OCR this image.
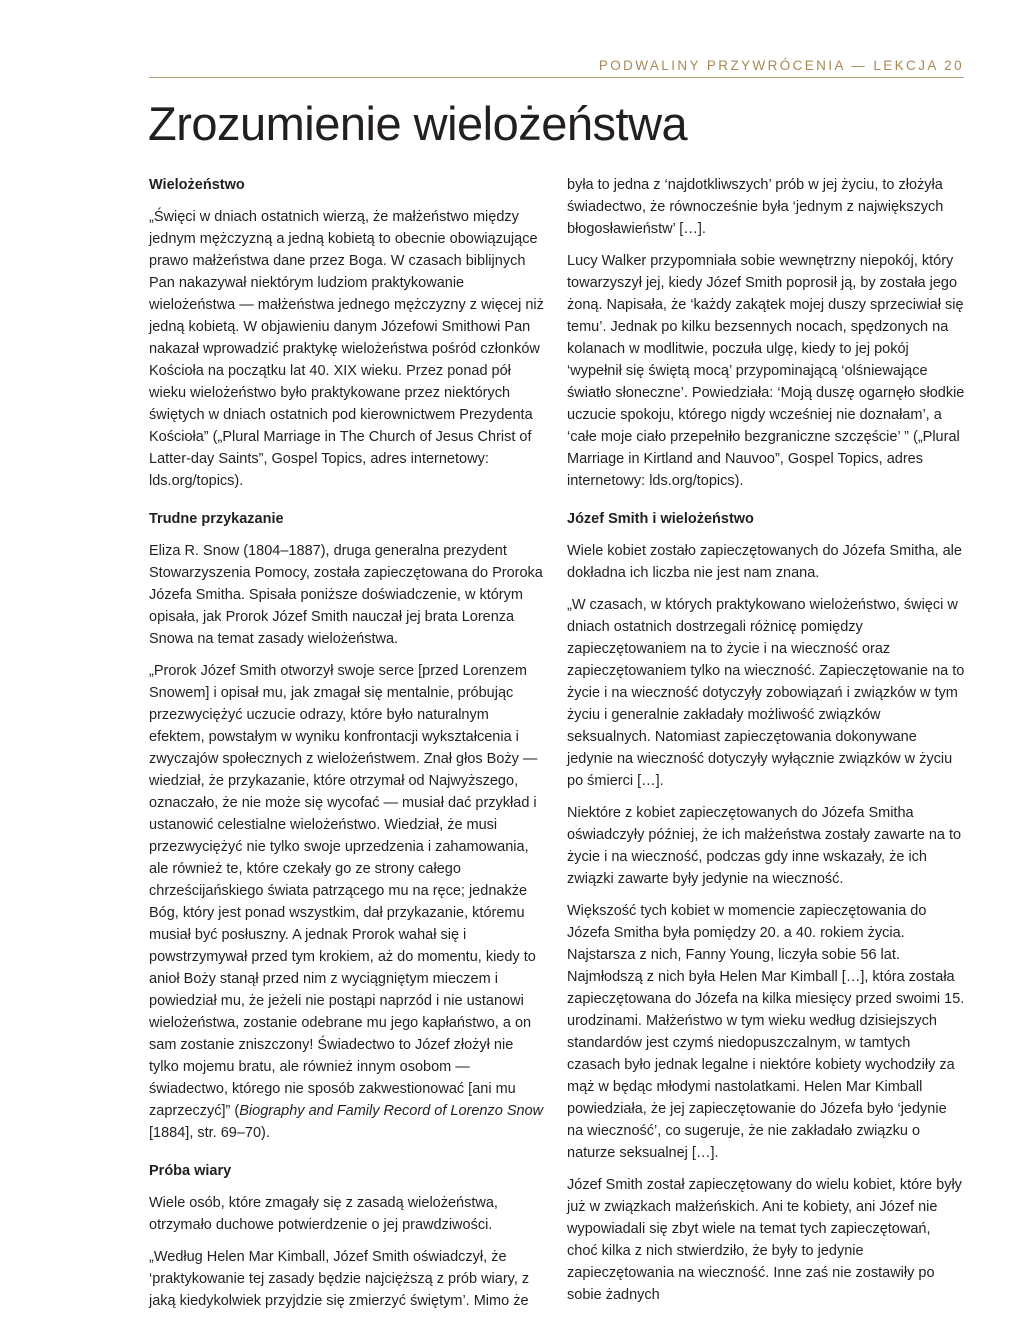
PODWALINY PRZYWRÓCENIA — LEKCJA 20
Zrozumienie wielożeństwa
Wielożeństwo

„Święci w dniach ostatnich wierzą, że małżeństwo między jednym mężczyzną a jedną kobietą to obecnie obowiązujące prawo małżeństwa dane przez Boga. W czasach biblijnych Pan nakazywał niektórym ludziom praktykowanie wielożeństwa — małżeństwa jednego mężczyzny z więcej niż jedną kobietą. W objawieniu danym Józefowi Smithowi Pan nakazał wprowadzić praktykę wielożeństwa pośród członków Kościoła na początku lat 40. XIX wieku. Przez ponad pół wieku wielożeństwo było praktykowane przez niektórych świętych w dniach ostatnich pod kierownictwem Prezydenta Kościoła” („Plural Marriage in The Church of Jesus Christ of Latter-day Saints”, Gospel Topics, adres internetowy: lds.org/topics).

Trudne przykazanie

Eliza R. Snow (1804–1887), druga generalna prezydent Stowarzyszenia Pomocy, została zapieczętowana do Proroka Józefa Smitha. Spisała poniższe doświadczenie, w którym opisała, jak Prorok Józef Smith nauczał jej brata Lorenza Snowa na temat zasady wielożeństwa.

„Prorok Józef Smith otworzył swoje serce [przed Lorenzem Snowem] i opisał mu, jak zmagał się mentalnie, próbując przezwyciężyć uczucie odrazy, które było naturalnym efektem, powstałym w wyniku konfrontacji wykształcenia i zwyczajów społecznych z wielożeństwem. Znał głos Boży — wiedział, że przykazanie, które otrzymał od Najwyższego, oznaczało, że nie może się wycofać — musiał dać przykład i ustanowić celestialne wielożeństwo. Wiedział, że musi przezwyciężyć nie tylko swoje uprzedzenia i zahamowania, ale również te, które czekały go ze strony całego chrześcijańskiego świata patrzącego mu na ręce; jednakże Bóg, który jest ponad wszystkim, dał przykazanie, któremu musiał być posłuszny. A jednak Prorok wahał się i powstrzymywał przed tym krokiem, aż do momentu, kiedy to anioł Boży stanął przed nim z wyciągniętym mieczem i powiedział mu, że jeżeli nie postąpi naprzód i nie ustanowi wielożeństwa, zostanie odebrane mu jego kapłaństwo, a on sam zostanie zniszczony! Świadectwo to Józef złożył nie tylko mojemu bratu, ale również innym osobom — świadectwo, którego nie sposób zakwestionować [ani mu zaprzeczyć]” (Biography and Family Record of Lorenzo Snow [1884], str. 69–70).

Próba wiary

Wiele osób, które zmagały się z zasadą wielożeństwa, otrzymało duchowe potwierdzenie o jej prawdziwości.

„Według Helen Mar Kimball, Józef Smith oświadczył, że ‘praktykowanie tej zasady będzie najcięższą z prób wiary, z jaką kiedykolwiek przyjdzie się zmierzyć świętym’. Mimo że

była to jedna z ‘najdotkliwszych’ prób w jej życiu, to złożyła świadectwo, że równocześnie była ‘jednym z największych błogosławieństw’ […].

Lucy Walker przypomniała sobie wewnętrzny niepokój, który towarzyszył jej, kiedy Józef Smith poprosił ją, by została jego żoną. Napisała, że ‘każdy zakątek mojej duszy sprzeciwiał się temu’. Jednak po kilku bezsennych nocach, spędzonych na kolanach w modlitwie, poczuła ulgę, kiedy to jej pokój ‘wypełnił się świętą mocą’ przypominającą ‘olśniewające światło słoneczne’. Powiedziała: ‘Moją duszę ogarnęło słodkie uczucie spokoju, którego nigdy wcześniej nie doznałam’, a ‘całe moje ciało przepełniło bezgraniczne szczęście’ ” („Plural Marriage in Kirtland and Nauvoo”, Gospel Topics, adres internetowy: lds.org/topics).

Józef Smith i wielożeństwo

Wiele kobiet zostało zapieczętowanych do Józefa Smitha, ale dokładna ich liczba nie jest nam znana.

„W czasach, w których praktykowano wielożeństwo, święci w dniach ostatnich dostrzegali różnicę pomiędzy zapieczętowaniem na to życie i na wieczność oraz zapieczętowaniem tylko na wieczność. Zapieczętowanie na to życie i na wieczność dotyczyły zobowiązań i związków w tym życiu i generalnie zakładały możliwość związków seksualnych. Natomiast zapieczętowania dokonywane jedynie na wieczność dotyczyły wyłącznie związków w życiu po śmierci […].

Niektóre z kobiet zapieczętowanych do Józefa Smitha oświadczyły później, że ich małżeństwa zostały zawarte na to życie i na wieczność, podczas gdy inne wskazały, że ich związki zawarte były jedynie na wieczność.

Większość tych kobiet w momencie zapieczętowania do Józefa Smitha była pomiędzy 20. a 40. rokiem życia. Najstarsza z nich, Fanny Young, liczyła sobie 56 lat. Najmłodszą z nich była Helen Mar Kimball […], która została zapieczętowana do Józefa na kilka miesięcy przed swoimi 15. urodzinami. Małżeństwo w tym wieku według dzisiejszych standardów jest czymś niedopuszczalnym, w tamtych czasach było jednak legalne i niektóre kobiety wychodziły za mąż w będąc młodymi nastolatkami. Helen Mar Kimball powiedziała, że jej zapieczętowanie do Józefa było ‘jedynie na wieczność’, co sugeruje, że nie zakładało związku o naturze seksualnej […].

Józef Smith został zapieczętowany do wielu kobiet, które były już w związkach małżeńskich. Ani te kobiety, ani Józef nie wypowiadali się zbyt wiele na temat tych zapieczętowań, choć kilka z nich stwierdziło, że były to jedynie zapieczętowania na wieczność. Inne zaś nie zostawiły po sobie żadnych
